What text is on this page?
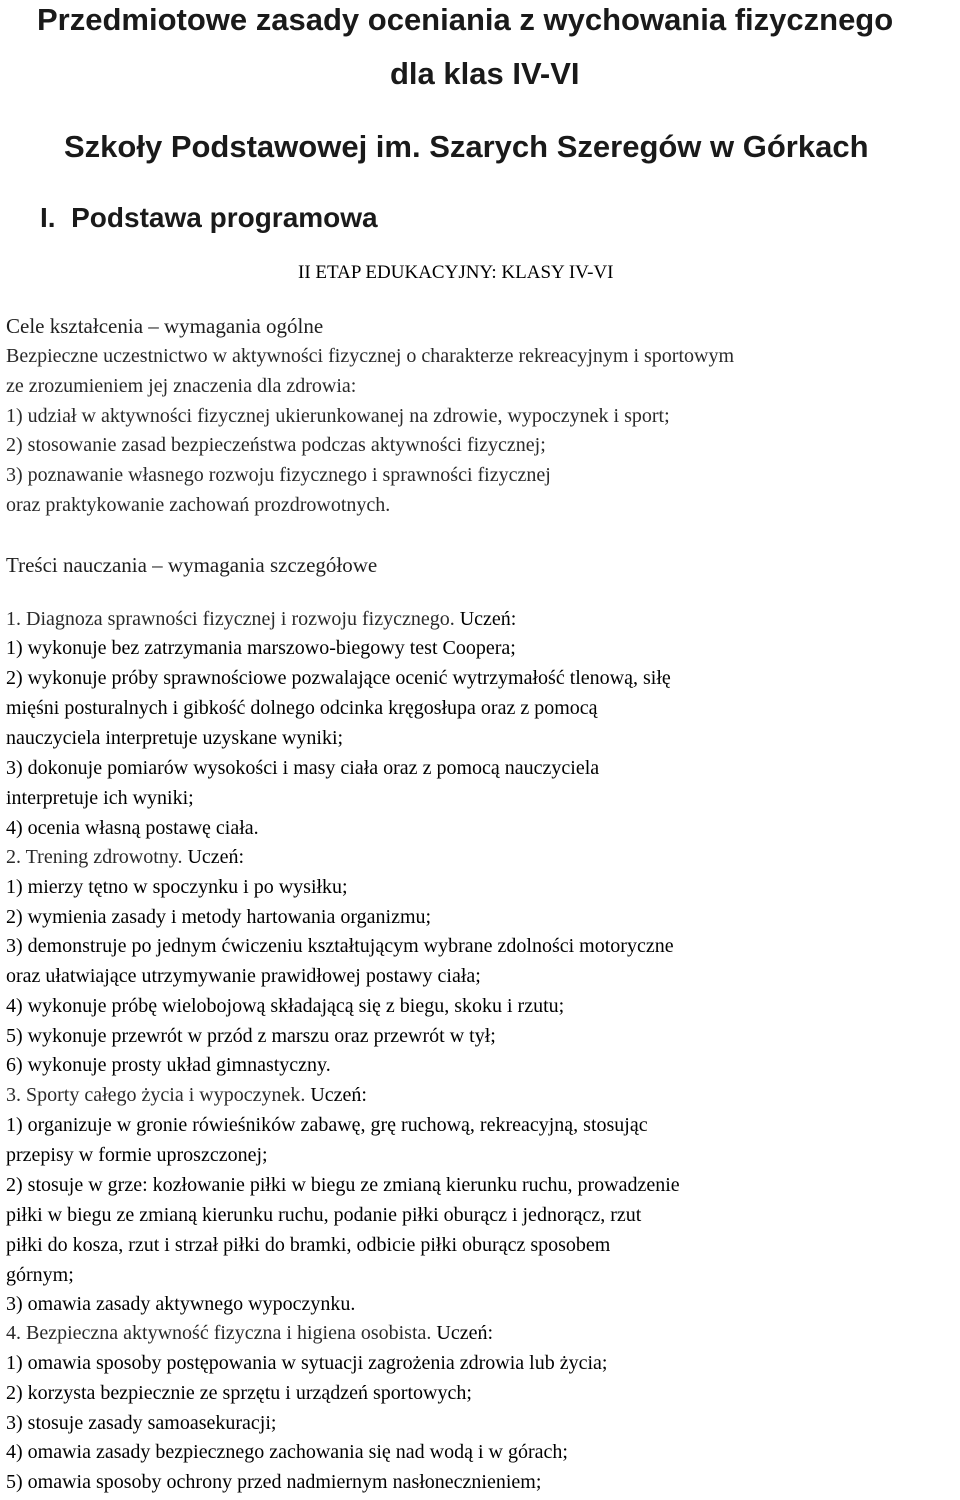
Przedmiotowe zasady oceniania z wychowania fizycznego
dla klas IV-VI
Szkoły Podstawowej im. Szarych Szeregów w Górkach
I.  Podstawa programowa
II ETAP EDUKACYJNY: KLASY IV-VI
Cele kształcenia – wymagania ogólne
Bezpieczne uczestnictwo w aktywności fizycznej o charakterze rekreacyjnym i sportowym
ze zrozumieniem jej znaczenia dla zdrowia:
1) udział w aktywności fizycznej ukierunkowanej na zdrowie, wypoczynek i sport;
2) stosowanie zasad bezpieczeństwa podczas aktywności fizycznej;
3) poznawanie własnego rozwoju fizycznego i sprawności fizycznej
oraz praktykowanie zachowań prozdrowotnych.
Treści nauczania – wymagania szczegółowe
1. Diagnoza sprawności fizycznej i rozwoju fizycznego. Uczeń:
1) wykonuje bez zatrzymania marszowo-biegowy test Coopera;
2) wykonuje próby sprawnościowe pozwalające ocenić wytrzymałość tlenową, siłę
mięśni posturalnych i gibkość dolnego odcinka kręgosłupa oraz z pomocą
nauczyciela interpretuje uzyskane wyniki;
3) dokonuje pomiarów wysokości i masy ciała oraz z pomocą nauczyciela
interpretuje ich wyniki;
4) ocenia własną postawę ciała.
2. Trening zdrowotny. Uczeń:
1) mierzy tętno w spoczynku i po wysiłku;
2) wymienia zasady i metody hartowania organizmu;
3) demonstruje po jednym ćwiczeniu kształtującym wybrane zdolności motoryczne
oraz ułatwiające utrzymywanie prawidłowej postawy ciała;
4) wykonuje próbę wielobojową składającą się z biegu, skoku i rzutu;
5) wykonuje przewrót w przód z marszu oraz przewrót w tył;
6) wykonuje prosty układ gimnastyczny.
3. Sporty całego życia i wypoczynek. Uczeń:
1) organizuje w gronie rówieśników zabawę, grę ruchową, rekreacyjną, stosując
przepisy w formie uproszczonej;
2) stosuje w grze: kozłowanie piłki w biegu ze zmianą kierunku ruchu, prowadzenie
piłki w biegu ze zmianą kierunku ruchu, podanie piłki oburącz i jednorącz, rzut
piłki do kosza, rzut i strzał piłki do bramki, odbicie piłki oburącz sposobem
górnym;
3) omawia zasady aktywnego wypoczynku.
4. Bezpieczna aktywność fizyczna i higiena osobista. Uczeń:
1) omawia sposoby postępowania w sytuacji zagrożenia zdrowia lub życia;
2) korzysta bezpiecznie ze sprzętu i urządzeń sportowych;
3) stosuje zasady samoasekuracji;
4) omawia zasady bezpiecznego zachowania się nad wodą i w górach;
5) omawia sposoby ochrony przed nadmiernym nasłonecznieniem;
